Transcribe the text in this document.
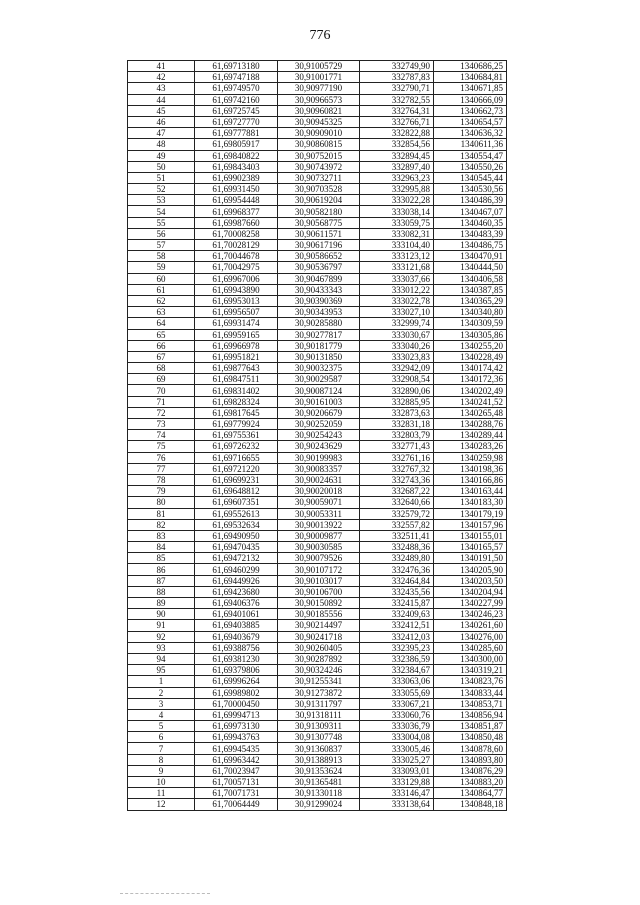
776
41	61,69713180	30,91005729	332749,90	1340686,25
42	61,69747188	30,91001771	332787,83	1340684,81
43	61,69749570	30,90977190	332790,71	1340671,85
44	61,69742160	30,90966573	332782,55	1340666,09
45	61,69725745	30,90960821	332764,31	1340662,73
46	61,69727770	30,90945325	332766,71	1340654,57
47	61,69777881	30,90909010	332822,88	1340636,32
48	61,69805917	30,90860815	332854,56	1340611,36
49	61,69840822	30,90752015	332894,45	1340554,47
50	61,69843403	30,90743972	332897,40	1340550,26
51	61,69902389	30,90732711	332963,23	1340545,44
52	61,69931450	30,90703528	332995,88	1340530,56
53	61,69954448	30,90619204	333022,28	1340486,39
54	61,69968377	30,90582180	333038,14	1340467,07
55	61,69987660	30,90568775	333059,75	1340460,35
56	61,70008258	30,90611571	333082,31	1340483,39
57	61,70028129	30,90617196	333104,40	1340486,75
58	61,70044678	30,90586652	333123,12	1340470,91
59	61,70042975	30,90536797	333121,68	1340444,50
60	61,69967006	30,90467899	333037,66	1340406,58
61	61,69943890	30,90433343	333012,22	1340387,85
62	61,69953013	30,90390369	333022,78	1340365,29
63	61,69956507	30,90343953	333027,10	1340340,80
64	61,69931474	30,90285880	332999,74	1340309,59
65	61,69959165	30,90277817	333030,67	1340305,86
66	61,69966978	30,90181779	333040,26	1340255,20
67	61,69951821	30,90131850	333023,83	1340228,49
68	61,69877643	30,90032375	332942,09	1340174,42
69	61,69847511	30,90029587	332908,54	1340172,36
70	61,69831402	30,90087124	332890,06	1340202,49
71	61,69828324	30,90161003	332885,95	1340241,52
72	61,69817645	30,90206679	332873,63	1340265,48
73	61,69779924	30,90252059	332831,18	1340288,76
74	61,69755361	30,90254243	332803,79	1340289,44
75	61,69726232	30,90243629	332771,43	1340283,26
76	61,69716655	30,90199983	332761,16	1340259,98
77	61,69721220	30,90083357	332767,32	1340198,36
78	61,69699231	30,90024631	332743,36	1340166,86
79	61,69648812	30,90020018	332687,22	1340163,44
80	61,69607351	30,90059071	332640,66	1340183,30
81	61,69552613	30,90053311	332579,72	1340179,19
82	61,69532634	30,90013922	332557,82	1340157,96
83	61,69490950	30,90009877	332511,41	1340155,01
84	61,69470435	30,90030585	332488,36	1340165,57
85	61,69472132	30,90079526	332489,80	1340191,50
86	61,69460299	30,90107172	332476,36	1340205,90
87	61,69449926	30,90103017	332464,84	1340203,50
88	61,69423680	30,90106700	332435,56	1340204,94
89	61,69406376	30,90150892	332415,87	1340227,99
90	61,69401061	30,90185556	332409,63	1340246,23
91	61,69403885	30,90214497	332412,51	1340261,60
92	61,69403679	30,90241718	332412,03	1340276,00
93	61,69388756	30,90260405	332395,23	1340285,60
94	61,69381230	30,90287892	332386,59	1340300,00
95	61,69379806	30,90324246	332384,67	1340319,21
1	61,69996264	30,91255341	333063,06	1340823,76
2	61,69989802	30,91273872	333055,69	1340833,44
3	61,70000450	30,91311797	333067,21	1340853,71
4	61,69994713	30,91318111	333060,76	1340856,94
5	61,69973130	30,91309311	333036,79	1340851,87
6	61,69943763	30,91307748	333004,08	1340850,48
7	61,69945435	30,91360837	333005,46	1340878,60
8	61,69963442	30,91388913	333025,27	1340893,80
9	61,70023947	30,91353624	333093,01	1340876,29
10	61,70057131	30,91365481	333129,88	1340883,20
11	61,70071731	30,91330118	333146,47	1340864,77
12	61,70064449	30,91299024	333138,64	1340848,18
